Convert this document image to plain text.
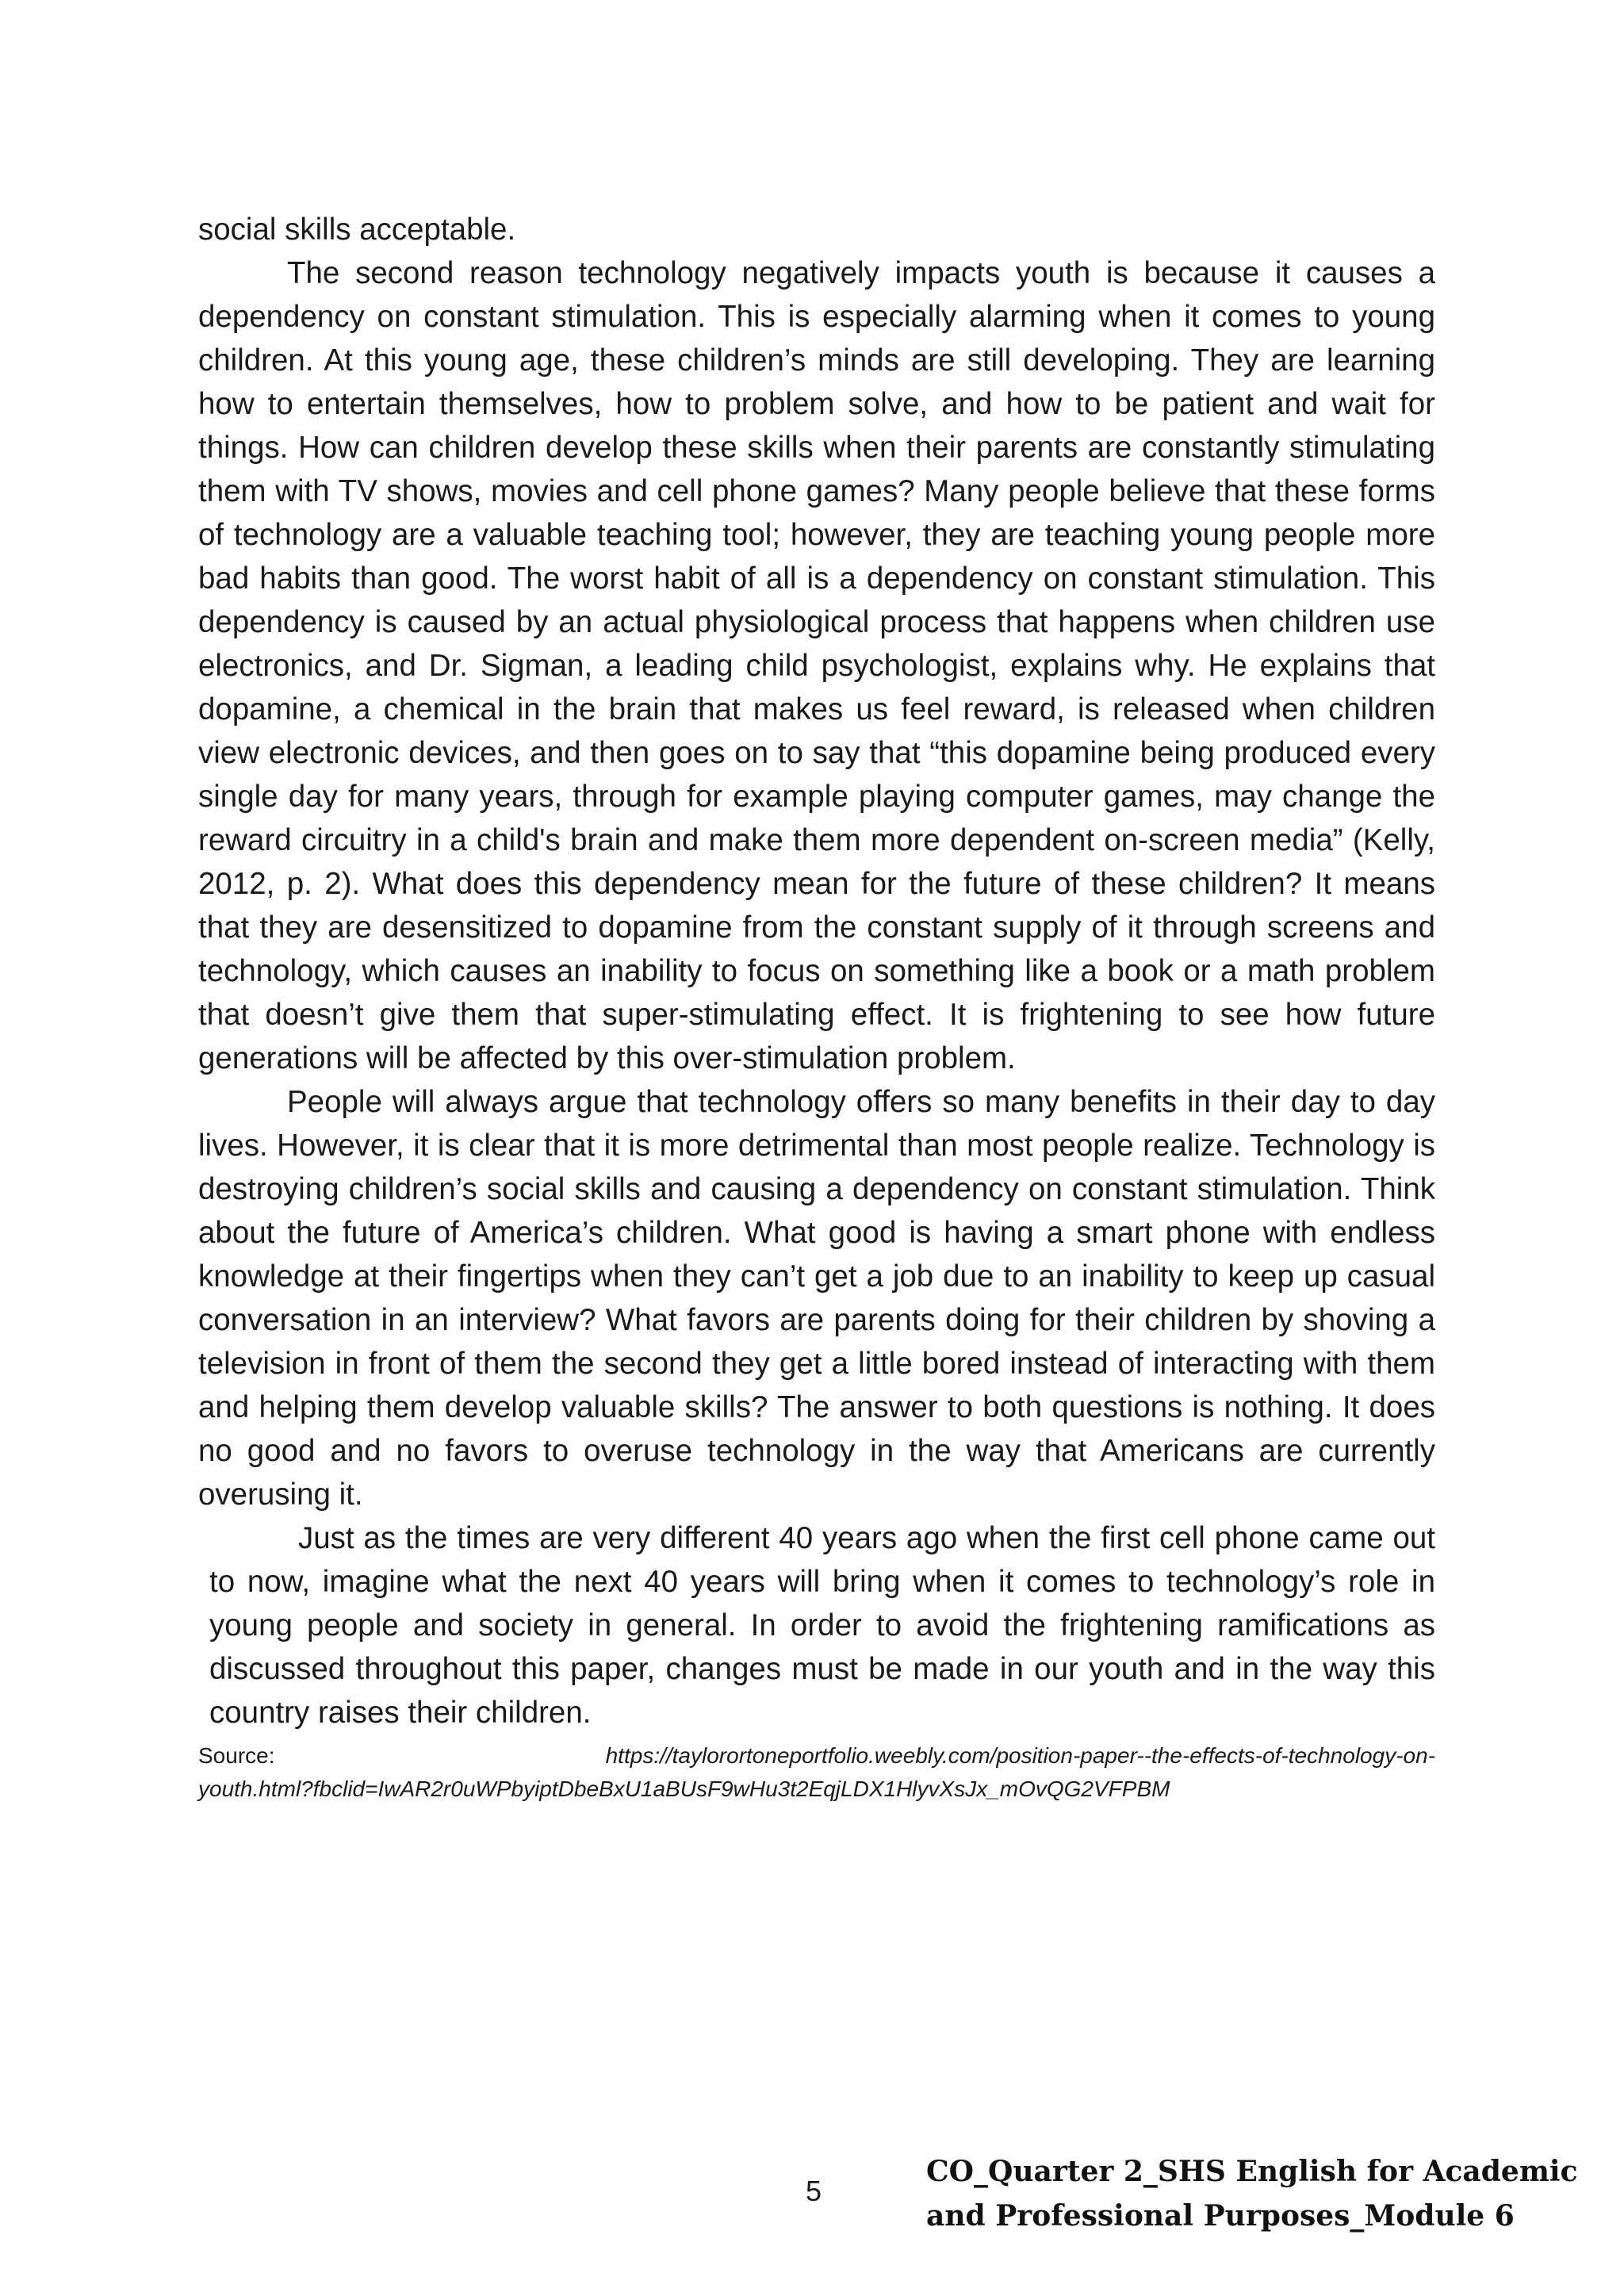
social skills acceptable.

The second reason technology negatively impacts youth is because it causes a dependency on constant stimulation. This is especially alarming when it comes to young children. At this young age, these children’s minds are still developing. They are learning how to entertain themselves, how to problem solve, and how to be patient and wait for things. How can children develop these skills when their parents are constantly stimulating them with TV shows, movies and cell phone games? Many people believe that these forms of technology are a valuable teaching tool; however, they are teaching young people more bad habits than good. The worst habit of all is a dependency on constant stimulation. This dependency is caused by an actual physiological process that happens when children use electronics, and Dr. Sigman, a leading child psychologist, explains why. He explains that dopamine, a chemical in the brain that makes us feel reward, is released when children view electronic devices, and then goes on to say that “this dopamine being produced every single day for many years, through for example playing computer games, may change the reward circuitry in a child's brain and make them more dependent on-screen media” (Kelly, 2012, p. 2). What does this dependency mean for the future of these children? It means that they are desensitized to dopamine from the constant supply of it through screens and technology, which causes an inability to focus on something like a book or a math problem that doesn’t give them that super-stimulating effect. It is frightening to see how future generations will be affected by this over-stimulation problem.

People will always argue that technology offers so many benefits in their day to day lives. However, it is clear that it is more detrimental than most people realize. Technology is destroying children’s social skills and causing a dependency on constant stimulation. Think about the future of America’s children. What good is having a smart phone with endless knowledge at their fingertips when they can’t get a job due to an inability to keep up casual conversation in an interview? What favors are parents doing for their children by shoving a television in front of them the second they get a little bored instead of interacting with them and helping them develop valuable skills? The answer to both questions is nothing. It does no good and no favors to overuse technology in the way that Americans are currently overusing it.

Just as the times are very different 40 years ago when the first cell phone came out to now, imagine what the next 40 years will bring when it comes to technology’s role in young people and society in general. In order to avoid the frightening ramifications as discussed throughout this paper, changes must be made in our youth and in the way this country raises their children.

Source:	https://taylorortoneportfolio.weebly.com/position-paper--the-effects-of-technology-on-
youth.html?fbclid=IwAR2r0uWPbyiptDbeBxU1aBUsF9wHu3t2EqjLDX1HlyvXsJx_mOvQG2VFPBM
5
CO_Quarter 2_SHS English for Academic
and Professional Purposes_Module 6
